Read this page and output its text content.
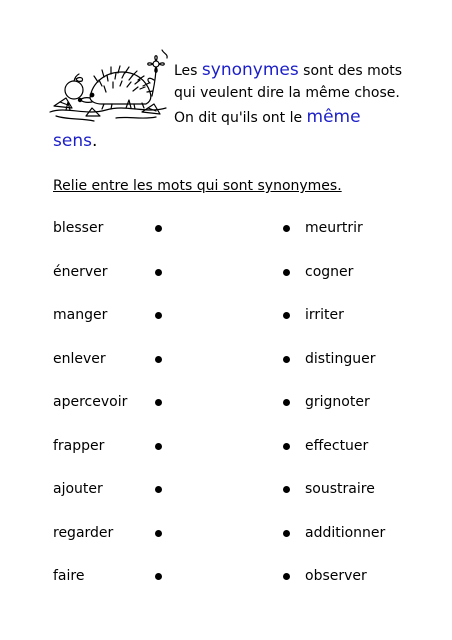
Les synonymes sont des mots
qui veulent dire la même chose.
On dit qu'ils ont le même
sens.
Relie entre les mots qui sont synonymes.
blesser	meurtrir
énerver	cogner
manger	irriter
enlever	distinguer
apercevoir	grignoter
frapper	effectuer
ajouter	soustraire
regarder	additionner
faire	observer
